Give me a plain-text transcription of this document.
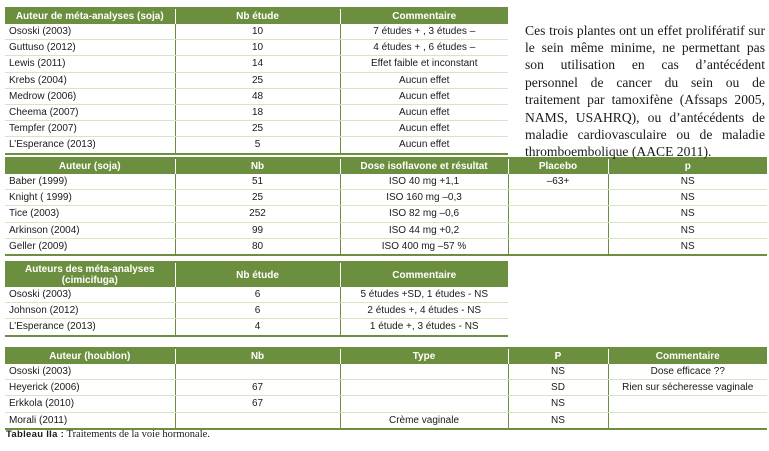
Auteur de méta-analyses (soja)	Nb étude	Commentaire
Ososki (2003)	10	7 études + , 3 études –
Guttuso (2012)	10	4 études + , 6 études –
Lewis (2011)	14	Effet faible et inconstant
Krebs (2004)	25	Aucun effet
Medrow (2006)	48	Aucun effet
Cheema (2007)	18	Aucun effet
Tempfer (2007)	25	Aucun effet
L’Esperance (2013)	5	Aucun effet
Auteur (soja)	Nb	Dose isoflavone et résultat	Placebo	p
Baber (1999)	51	ISO 40 mg +1,1	–63+	NS
Knight ( 1999)	25	ISO 160 mg –0,3		NS
Tice (2003)	252	ISO 82 mg –0,6		NS
Arkinson (2004)	99	ISO 44 mg +0,2		NS
Geller (2009)	80	ISO 400 mg –57 %		NS
Auteurs des méta-analyses (cimicifuga)	Nb étude	Commentaire
Ososki (2003)	6	5 études +SD, 1 études - NS
Johnson (2012)	6	2 études +, 4 études - NS
L’Esperance (2013)	4	1 étude +, 3 études - NS
Auteur (houblon)	Nb	Type	P	Commentaire
Ososki (2003)			NS	Dose efficace ??
Heyerick (2006)	67		SD	Rien sur sécheresse vaginale
Erkkola (2010)	67		NS	
Morali (2011)		Crème vaginale	NS	

Ces trois plantes ont un effet prolifératif sur le sein même minime, ne permettant pas son utilisation en cas d’antécédent personnel de cancer du sein ou de traitement par tamoxifène (Afssaps 2005, NAMS, USAHRQ), ou d’antécédents de maladie cardiovasculaire ou de maladie thromboembolique (AACE 2011).

Tableau IIa : Traitements de la voie hormonale.
